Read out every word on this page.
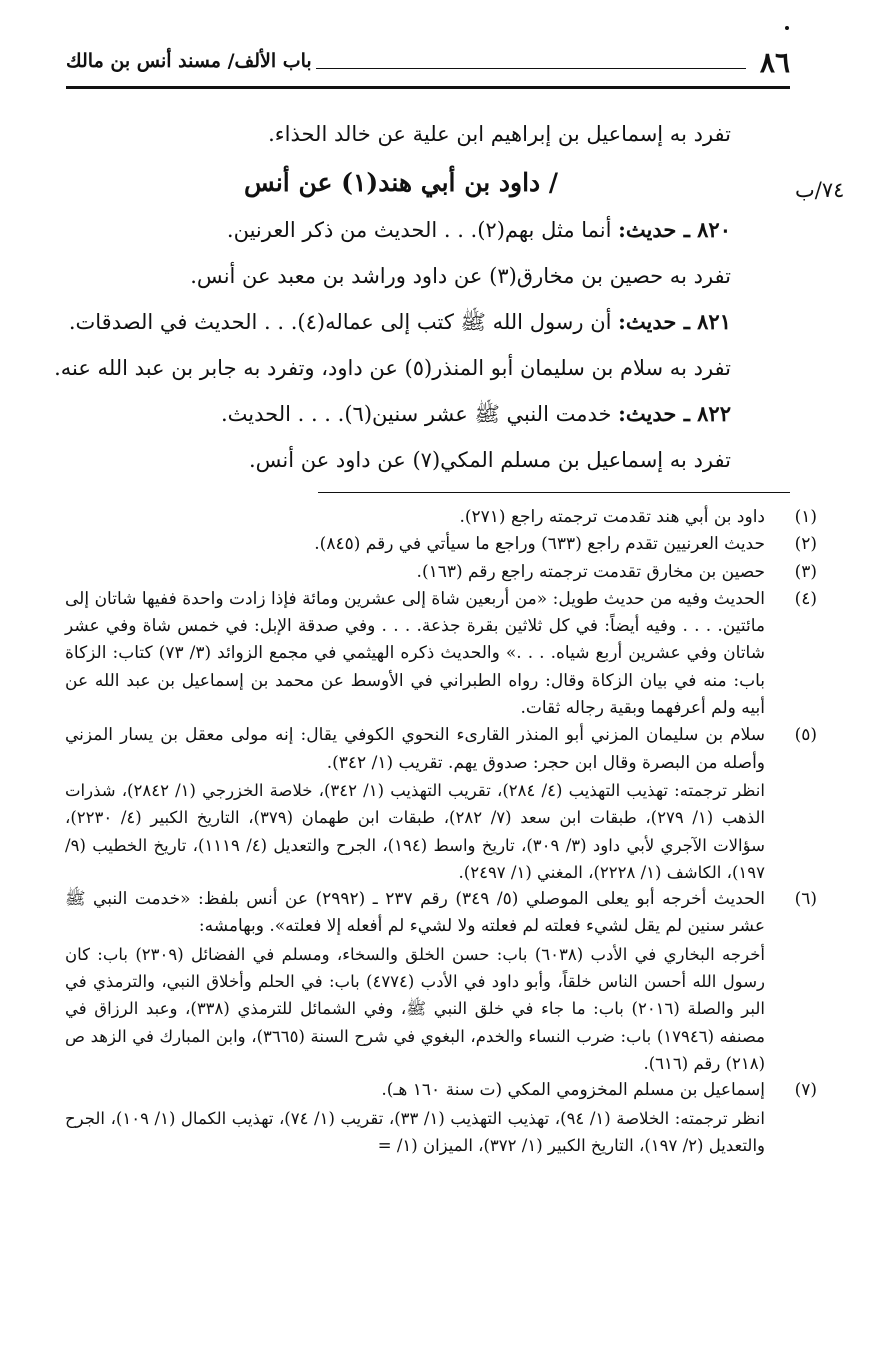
٨٦
باب الألف/ مسند أنس بن مالك
٧٤/ب

تفرد به إسماعيل بن إبراهيم ابن علية عن خالد الحذاء.

/ داود بن أبي هند(١) عن أنس

٨٢٠ ـ حديث: أنما مثل بهم(٢). . . الحديث من ذكر العرنين.

تفرد به حصين بن مخارق(٣) عن داود وراشد بن معبد عن أنس.

٨٢١ ـ حديث: أن رسول الله ﷺ كتب إلى عماله(٤). . . الحديث في الصدقات.

تفرد به سلام بن سليمان أبو المنذر(٥) عن داود، وتفرد به جابر بن عبد الله عنه.

٨٢٢ ـ حديث: خدمت النبي ﷺ عشر سنين(٦). . . . الحديث.

تفرد به إسماعيل بن مسلم المكي(٧) عن داود عن أنس.

(١)

داود بن أبي هند تقدمت ترجمته راجع (٢٧١).

(٢)

حديث العرنيين تقدم راجع (٦٣٣) وراجع ما سيأتي في رقم (٨٤٥).

(٣)

حصين بن مخارق تقدمت ترجمته راجع رقم (١٦٣).

(٤)

الحديث وفيه من حديث طويل: «من أربعين شاة إلى عشرين ومائة فإذا زادت واحدة ففيها شاتان إلى مائتين. . . . وفيه أيضاً: في كل ثلاثين بقرة جذعة. . . . وفي صدقة الإبل: في خمس شاة وفي عشر شاتان وفي عشرين أربع شياه. . . .» والحديث ذكره الهيثمي في مجمع الزوائد (٣/ ٧٣) كتاب: الزكاة باب: منه في بيان الزكاة وقال: رواه الطبراني في الأوسط عن محمد بن إسماعيل بن عبد الله عن أبيه ولم أعرفهما وبقية رجاله ثقات.

(٥)

سلام بن سليمان المزني أبو المنذر القارىء النحوي الكوفي يقال: إنه مولى معقل بن يسار المزني وأصله من البصرة وقال ابن حجر: صدوق يهم. تقريب (١/ ٣٤٢).

انظر ترجمته: تهذيب التهذيب (٤/ ٢٨٤)، تقريب التهذيب (١/ ٣٤٢)، خلاصة الخزرجي (١/ ٢٨٤٢)، شذرات الذهب (١/ ٢٧٩)، طبقات ابن سعد (٧/ ٢٨٢)، طبقات ابن طهمان (٣٧٩)، التاريخ الكبير (٤/ ٢٢٣٠)، سؤالات الآجري لأبي داود (٣/ ٣٠٩)، تاريخ واسط (١٩٤)، الجرح والتعديل (٤/ ١١١٩)، تاريخ الخطيب (٩/ ١٩٧)، الكاشف (١/ ٢٢٢٨)، المغني (١/ ٢٤٩٧).

(٦)

الحديث أخرجه أبو يعلى الموصلي (٥/ ٣٤٩) رقم ٢٣٧ ـ (٢٩٩٢) عن أنس بلفظ: «خدمت النبي ﷺ عشر سنين لم يقل لشيء فعلته لم فعلته ولا لشيء لم أفعله إلا فعلته». وبهامشه:

أخرجه البخاري في الأدب (٦٠٣٨) باب: حسن الخلق والسخاء، ومسلم في الفضائل (٢٣٠٩) باب: كان رسول الله أحسن الناس خلقاً، وأبو داود في الأدب (٤٧٧٤) باب: في الحلم وأخلاق النبي، والترمذي في البر والصلة (٢٠١٦) باب: ما جاء في خلق النبي ﷺ، وفي الشمائل للترمذي (٣٣٨)، وعبد الرزاق في مصنفه (١٧٩٤٦) باب: ضرب النساء والخدم، البغوي في شرح السنة (٣٦٦٥)، وابن المبارك في الزهد ص (٢١٨) رقم (٦١٦).

(٧)

إسماعيل بن مسلم المخزومي المكي (ت سنة ١٦٠ هـ).

انظر ترجمته: الخلاصة (١/ ٩٤)، تهذيب التهذيب (١/ ٣٣)، تقريب (١/ ٧٤)، تهذيب الكمال (١/ ١٠٩)، الجرح والتعديل (٢/ ١٩٧)، التاريخ الكبير (١/ ٣٧٢)، الميزان (١/ =
